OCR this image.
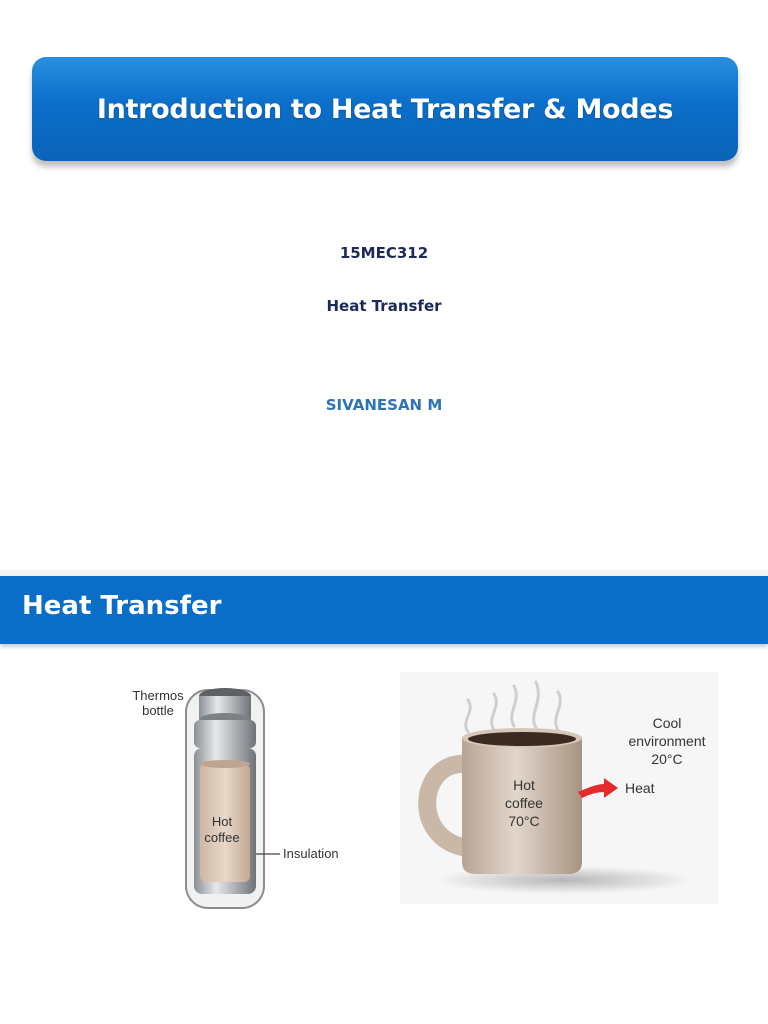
Introduction to Heat Transfer & Modes
15MEC312
Heat Transfer
SIVANESAN M
Heat Transfer
Thermos
bottle
Hot
coffee
Insulation
Hot
coffee
70°C
Cool
environment
20°C
Heat
